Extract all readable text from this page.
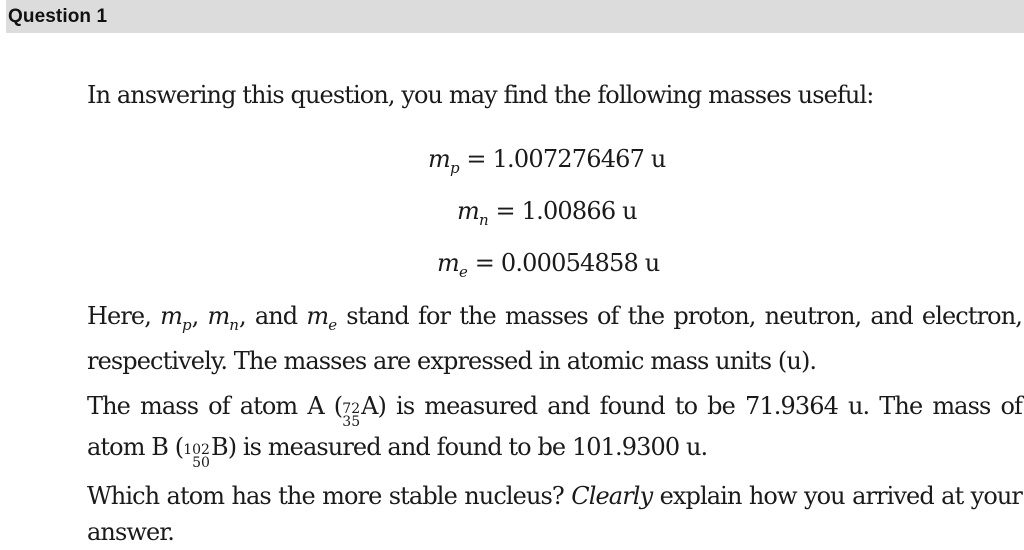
Question 1
In answering this question, you may find the following masses useful:
$m_p = 1.007276467$ u
$m_n = 1.00866$ u
$m_e = 0.00054858$ u
Here, $m_p$, $m_n$, and $m_e$ stand for the masses of the proton, neutron, and electron, respectively. The masses are expressed in atomic mass units (u).
The mass of atom A ( 72
35
A) is measured and found to be 71.9364 u. The mass of atom B ( 102
50
B) is measured and found to be 101.9300 u.
Which atom has the more stable nucleus? Clearly explain how you arrived at your answer.
